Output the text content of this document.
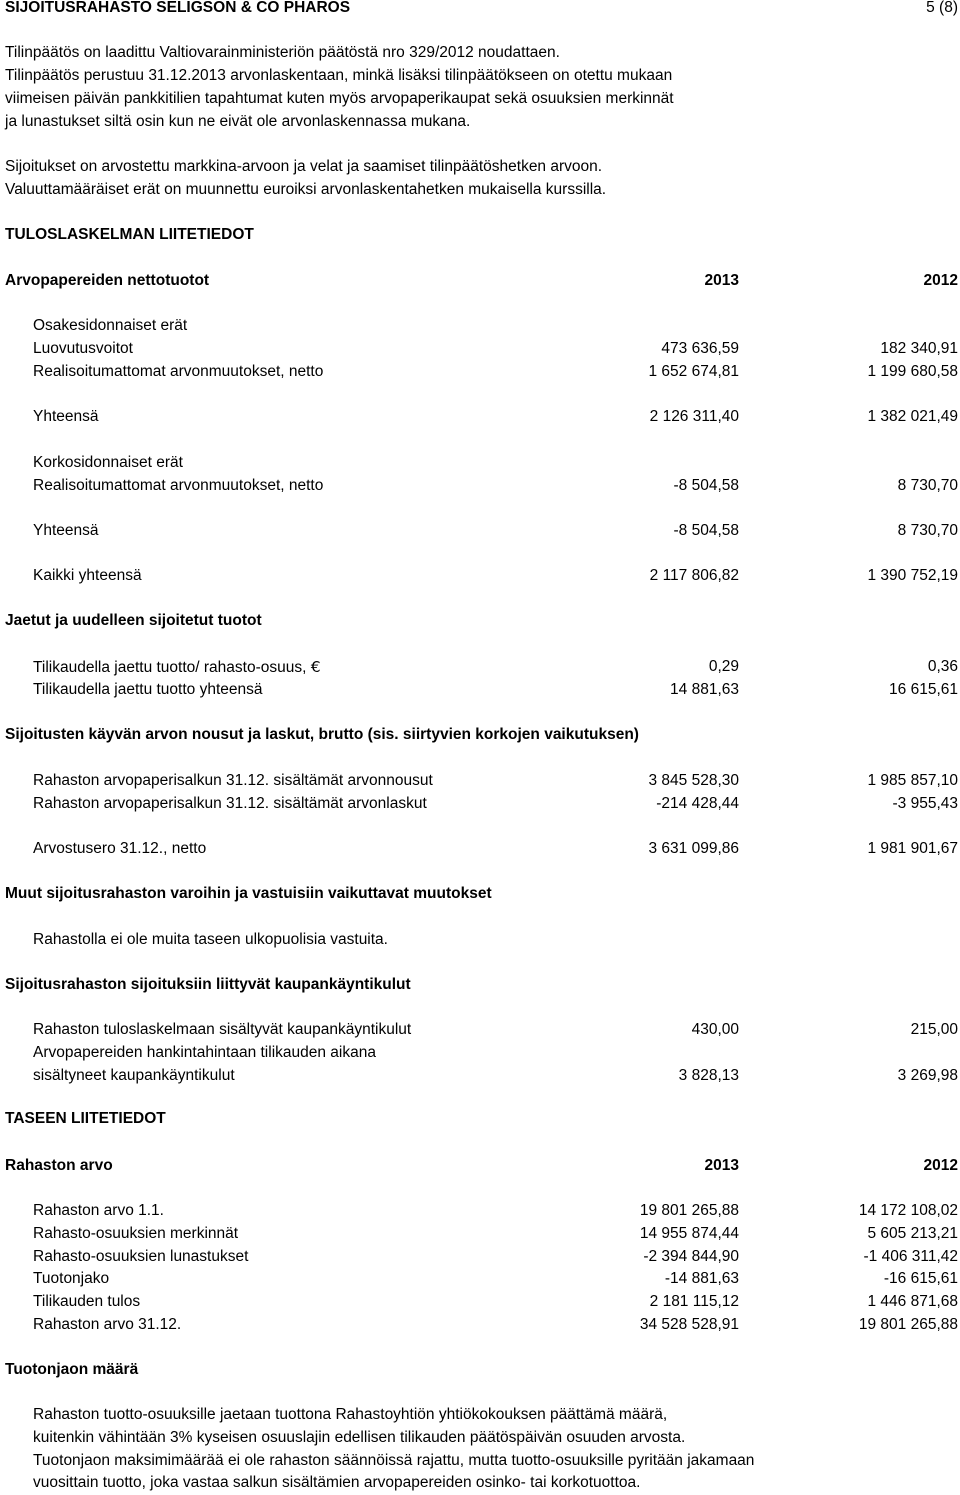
SIJOITUSRAHASTO SELIGSON & CO PHAROS	5 (8)
Tilinpäätös on laadittu Valtiovarainministeriön päätöstä nro 329/2012 noudattaen.
Tilinpäätös perustuu 31.12.2013 arvonlaskentaan, minkä lisäksi tilinpäätökseen on otettu mukaan
viimeisen päivän pankkitilien tapahtumat kuten myös arvopaperikaupat sekä osuuksien merkinnät
ja lunastukset siltä osin kun ne eivät ole arvonlaskennassa mukana.
Sijoitukset on arvostettu markkina-arvoon ja velat ja saamiset tilinpäätöshetken arvoon.
Valuuttamääräiset erät on muunnettu euroiksi arvonlaskentahetken mukaisella kurssilla.
TULOSLASKELMAN LIITETIEDOT
Arvopapereiden nettotuotot	2013	2012
Osakesidonnaiset erät
Luovutusvoitot	473 636,59	182 340,91
Realisoitumattomat arvonmuutokset, netto	1 652 674,81	1 199 680,58
Yhteensä	2 126 311,40	1 382 021,49
Korkosidonnaiset erät
Realisoitumattomat arvonmuutokset, netto	-8 504,58	8 730,70
Yhteensä	-8 504,58	8 730,70
Kaikki yhteensä	2 117 806,82	1 390 752,19
Jaetut ja uudelleen sijoitetut tuotot
Tilikaudella jaettu tuotto/ rahasto-osuus, €	0,29	0,36
Tilikaudella jaettu tuotto yhteensä	14 881,63	16 615,61
Sijoitusten käyvän arvon nousut ja laskut, brutto (sis. siirtyvien korkojen vaikutuksen)
Rahaston arvopaperisalkun 31.12. sisältämät arvonnousut	3 845 528,30	1 985 857,10
Rahaston arvopaperisalkun 31.12. sisältämät arvonlaskut	-214 428,44	-3 955,43
Arvostusero 31.12., netto	3 631 099,86	1 981 901,67
Muut sijoitusrahaston varoihin ja vastuisiin vaikuttavat muutokset
Rahastolla ei ole muita taseen ulkopuolisia vastuita.
Sijoitusrahaston sijoituksiin liittyvät kaupankäyntikulut
Rahaston tuloslaskelmaan sisältyvät kaupankäyntikulut	430,00	215,00
Arvopapereiden hankintahintaan tilikauden aikana
sisältyneet kaupankäyntikulut	3 828,13	3 269,98
TASEEN LIITETIEDOT
Rahaston arvo	2013	2012
Rahaston arvo 1.1.	19 801 265,88	14 172 108,02
Rahasto-osuuksien merkinnät	14 955 874,44	5 605 213,21
Rahasto-osuuksien lunastukset	-2 394 844,90	-1 406 311,42
Tuotonjako	-14 881,63	-16 615,61
Tilikauden tulos	2 181 115,12	1 446 871,68
Rahaston arvo 31.12.	34 528 528,91	19 801 265,88
Tuotonjaon määrä
Rahaston tuotto-osuuksille jaetaan tuottona Rahastoyhtiön yhtiökokouksen päättämä määrä,
kuitenkin vähintään 3% kyseisen osuuslajin edellisen tilikauden päätöspäivän osuuden arvosta.
Tuotonjaon maksimimäärää ei ole rahaston säännöissä rajattu, mutta tuotto-osuuksille pyritään jakamaan
vuosittain tuotto, joka vastaa salkun sisältämien arvopapereiden osinko- tai korkotuottoa.
